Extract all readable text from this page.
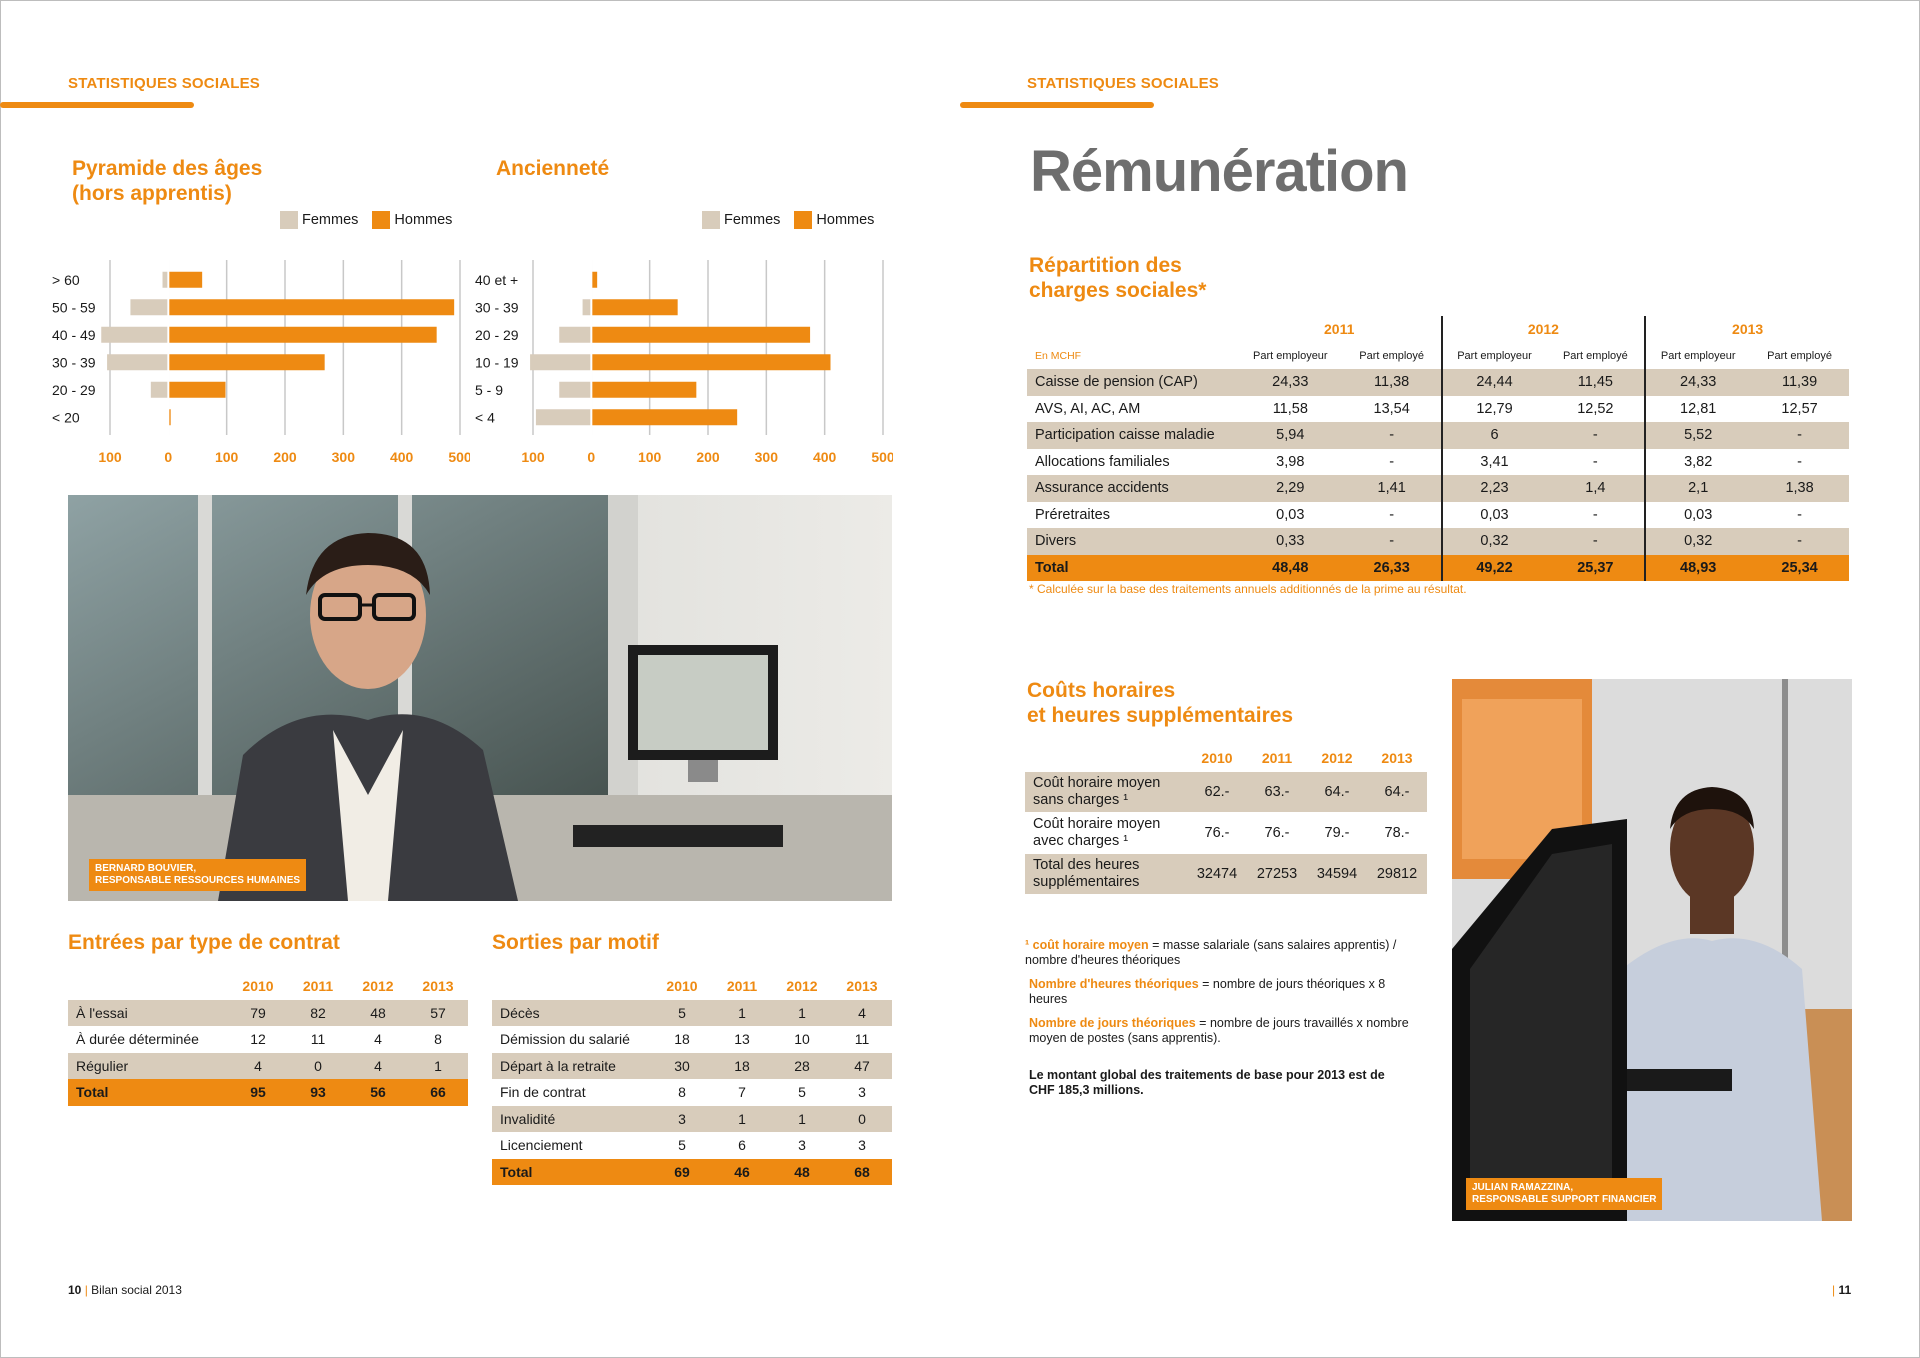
STATISTIQUES SOCIALES
Pyramide des âges
(hors apprentis)
Ancienneté
Femmes Hommes	Femmes Hommes
100	0	100 200 300 400 500
> 60
50 - 59
40 - 49
30 - 39
20 - 29
< 20
100	0	100 200 300 400 500
40 et +
30 - 39
20 - 29
10 - 19
5 - 9
< 4
BERNARD BOUVIER,
RESPONSABLE RESSOURCES HUMAINES
Entrées par type de contrat
	2010	2011	2012	2013
À l'essai	79	82	48	57
À durée déterminée	12	11	4	8
Régulier	4	0	4	1
Total	95	93	56	66
Sorties par motif
	2010	2011	2012	2013
Décès	5	1	1	4
Démission du salarié	18	13	10	11
Départ à la retraite	30	18	28	47
Fin de contrat	8	7	5	3
Invalidité	3	1	1	0
Licenciement	5	6	3	3
Total	69	46	48	68
10 | Bilan social 2013
STATISTIQUES SOCIALES
Rémunération
Répartition des
charges sociales*
	2011		2012		2013	
En MCHF	Part employeur	Part employé	Part employeur	Part employé	Part employeur	Part employé
Caisse de pension (CAP)	24,33	11,38	24,44	11,45	24,33	11,39
AVS, AI, AC, AM	11,58	13,54	12,79	12,52	12,81	12,57
Participation caisse maladie	5,94	-	6	-	5,52	-
Allocations familiales	3,98	-	3,41	-	3,82	-
Assurance accidents	2,29	1,41	2,23	1,4	2,1	1,38
Préretraites	0,03	-	0,03	-	0,03	-
Divers	0,33	-	0,32	-	0,32	-
Total	48,48	26,33	49,22	25,37	48,93	25,34
* Calculée sur la base des traitements annuels additionnés de la prime au résultat.
Coûts horaires
et heures supplémentaires
	2010	2011	2012	2013

Coût horaire moyen
sans charges ¹	62.-	63.-	64.-	64.-

Coût horaire moyen
avec charges ¹	76.-	76.-	79.-	78.-

Total des heures
supplémentaires	32474	27253	34594	29812
¹ coût horaire moyen = masse salariale (sans salaires apprentis) / nombre d'heures théoriques
Nombre d'heures théoriques = nombre de jours théoriques x 8 heures
Nombre de jours théoriques = nombre de jours travaillés x nombre moyen de postes (sans apprentis).
Le montant global des traitements de base pour 2013 est de CHF 185,3 millions.
JULIAN RAMAZZINA,
RESPONSABLE SUPPORT FINANCIER
| 11
